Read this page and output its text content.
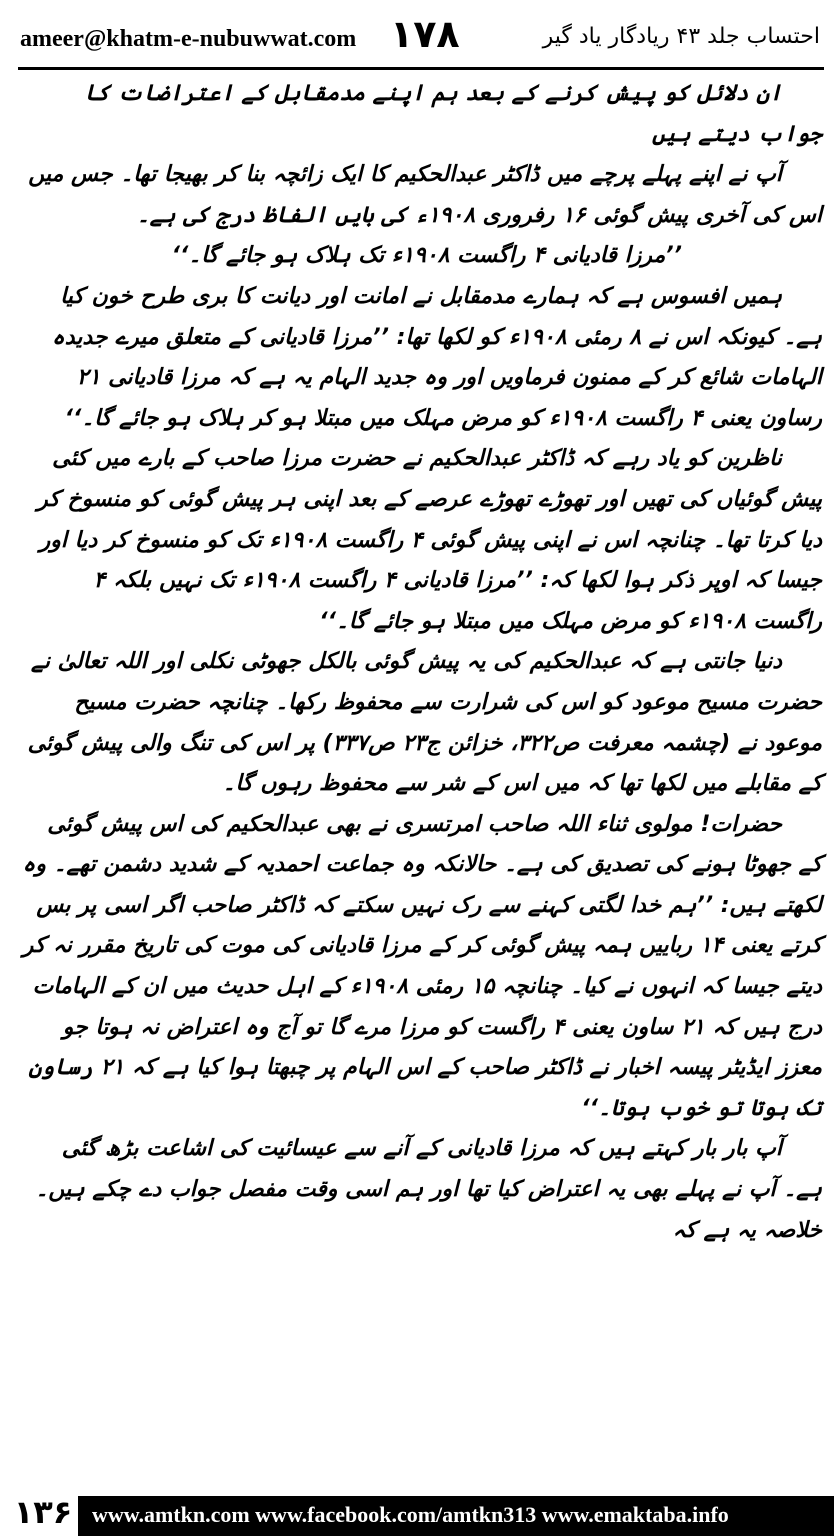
ameer@khatm-e-nubuwwat.com ۱۷۸	احتساب جلد ۴۳ ریادگار یاد گیر

ان دلائل کو پیش کرنے کے بعد ہم اپنے مدمقابل کے اعتراضات کا جواب دیتے ہیں

آپ نے اپنے پہلے پرچے میں ڈاکٹر عبدالحکیم کا ایک زائچہ بنا کر بھیجا تھا۔ جس میں اس کی آخری پیش گوئی ۱۶ رفروری ۱۹۰۸ء کی بایں الفاظ درج کی ہے۔

’’مرزا قادیانی ۴ راگست ۱۹۰۸ء تک ہلاک ہو جائے گا۔‘‘

ہمیں افسوس ہے کہ ہمارے مدمقابل نے امانت اور دیانت کا بری طرح خون کیا ہے۔ کیونکہ اس نے ۸ رمئی ۱۹۰۸ء کو لکھا تھا: ’’مرزا قادیانی کے متعلق میرے جدیدہ الہامات شائع کر کے ممنون فرماویں اور وہ جدید الہام یہ ہے کہ مرزا قادیانی ۲۱ رساون یعنی ۴ راگست ۱۹۰۸ء کو مرض مہلک میں مبتلا ہو کر ہلاک ہو جائے گا۔‘‘

ناظرین کو یاد رہے کہ ڈاکٹر عبدالحکیم نے حضرت مرزا صاحب کے بارے میں کئی پیش گوئیاں کی تھیں اور تھوڑے تھوڑے عرصے کے بعد اپنی ہر پیش گوئی کو منسوخ کر دیا کرتا تھا۔ چنانچہ اس نے اپنی پیش گوئی ۴ راگست ۱۹۰۸ء تک کو منسوخ کر دیا اور جیسا کہ اوپر ذکر ہوا لکھا کہ: ’’مرزا قادیانی ۴ راگست ۱۹۰۸ء تک نہیں بلکہ ۴ راگست ۱۹۰۸ء کو مرض مہلک میں مبتلا ہو جائے گا۔‘‘

دنیا جانتی ہے کہ عبدالحکیم کی یہ پیش گوئی بالکل جھوٹی نکلی اور اللہ تعالیٰ نے حضرت مسیح موعود کو اس کی شرارت سے محفوظ رکھا۔ چنانچہ حضرت مسیح موعود نے (چشمہ معرفت ص۳۲۲، خزائن ج۲۳ ص۳۳۷) پر اس کی تنگ والی پیش گوئی کے مقابلے میں لکھا تھا کہ میں اس کے شر سے محفوظ رہوں گا۔

حضرات! مولوی ثناء اللہ صاحب امرتسری نے بھی عبدالحکیم کی اس پیش گوئی کے جھوٹا ہونے کی تصدیق کی ہے۔ حالانکہ وہ جماعت احمدیہ کے شدید دشمن تھے۔ وہ لکھتے ہیں: ’’ہم خدا لگتی کہنے سے رک نہیں سکتے کہ ڈاکٹر صاحب اگر اسی پر بس کرتے یعنی ۱۴ رباییں ہمہ پیش گوئی کر کے مرزا قادیانی کی موت کی تاریخ مقرر نہ کر دیتے جیسا کہ انہوں نے کیا۔ چنانچہ ۱۵ رمئی ۱۹۰۸ء کے اہل حدیث میں ان کے الہامات درج ہیں کہ ۲۱ ساون یعنی ۴ راگست کو مرزا مرے گا تو آج وہ اعتراض نہ ہوتا جو معزز ایڈیٹر پیسہ اخبار نے ڈاکٹر صاحب کے اس الہام پر چبھتا ہوا کیا ہے کہ ۲۱ رساون تک ہوتا تو خوب ہوتا۔‘‘

آپ بار بار کہتے ہیں کہ مرزا قادیانی کے آنے سے عیسائیت کی اشاعت بڑھ گئی ہے۔ آپ نے پہلے بھی یہ اعتراض کیا تھا اور ہم اسی وقت مفصل جواب دے چکے ہیں۔ خلاصہ یہ ہے کہ

۱۳۶ www.amtkn.com www.facebook.com/amtkn313 www.emaktaba.info
